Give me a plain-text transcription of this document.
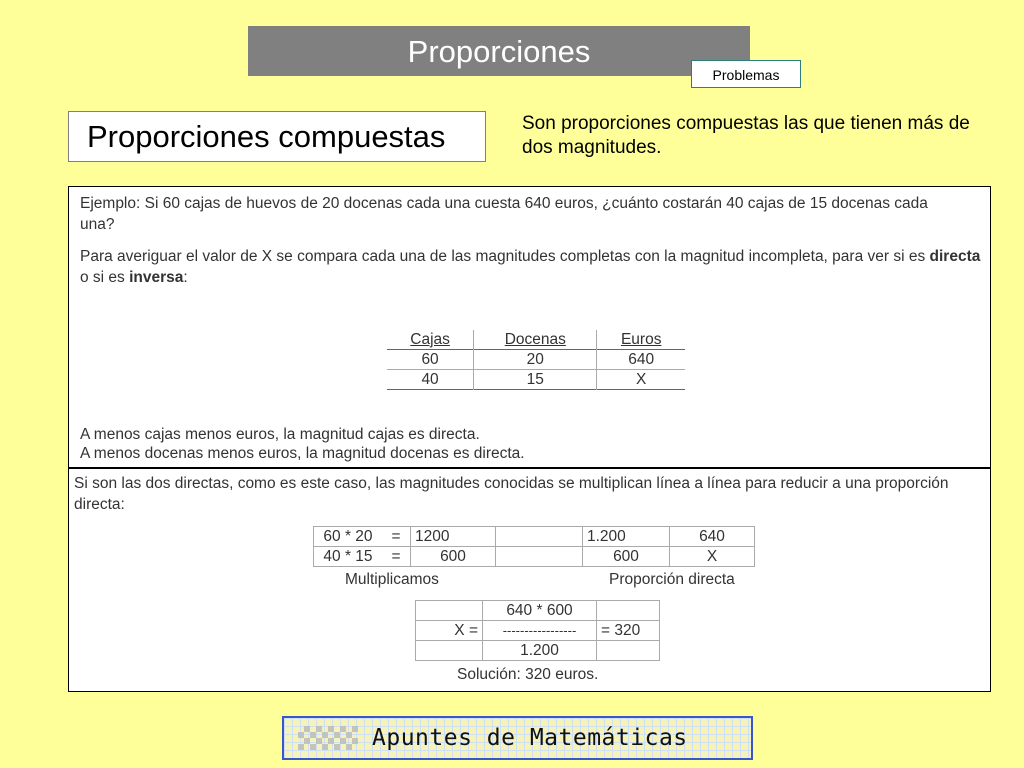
Proporciones
Problemas
Proporciones compuestas	Son proporciones compuestas las que tienen más de dos magnitudes.
Ejemplo: Si 60 cajas de huevos de 20 docenas cada una cuesta 640 euros, ¿cuánto costarán 40 cajas de 15 docenas cada una?
Para averiguar el valor de X se compara cada una de las magnitudes completas con la magnitud incompleta, para ver si es directa o si es inversa:
Cajas	Docenas	Euros
60	20	640
40	15	X
A menos cajas menos euros, la magnitud cajas es directa.
A menos docenas menos euros, la magnitud docenas es directa.
Si son las dos directas, como es este caso, las magnitudes conocidas se multiplican línea a línea para reducir a una proporción directa:
60 * 20	=	1200		1.200	640
40 * 15	=	600		600	X
Multiplicamos	Proporción directa
	640 * 600	
X =	-----------------	= 320
	1.200	
Solución: 320 euros.
Apuntes de Matemáticas
